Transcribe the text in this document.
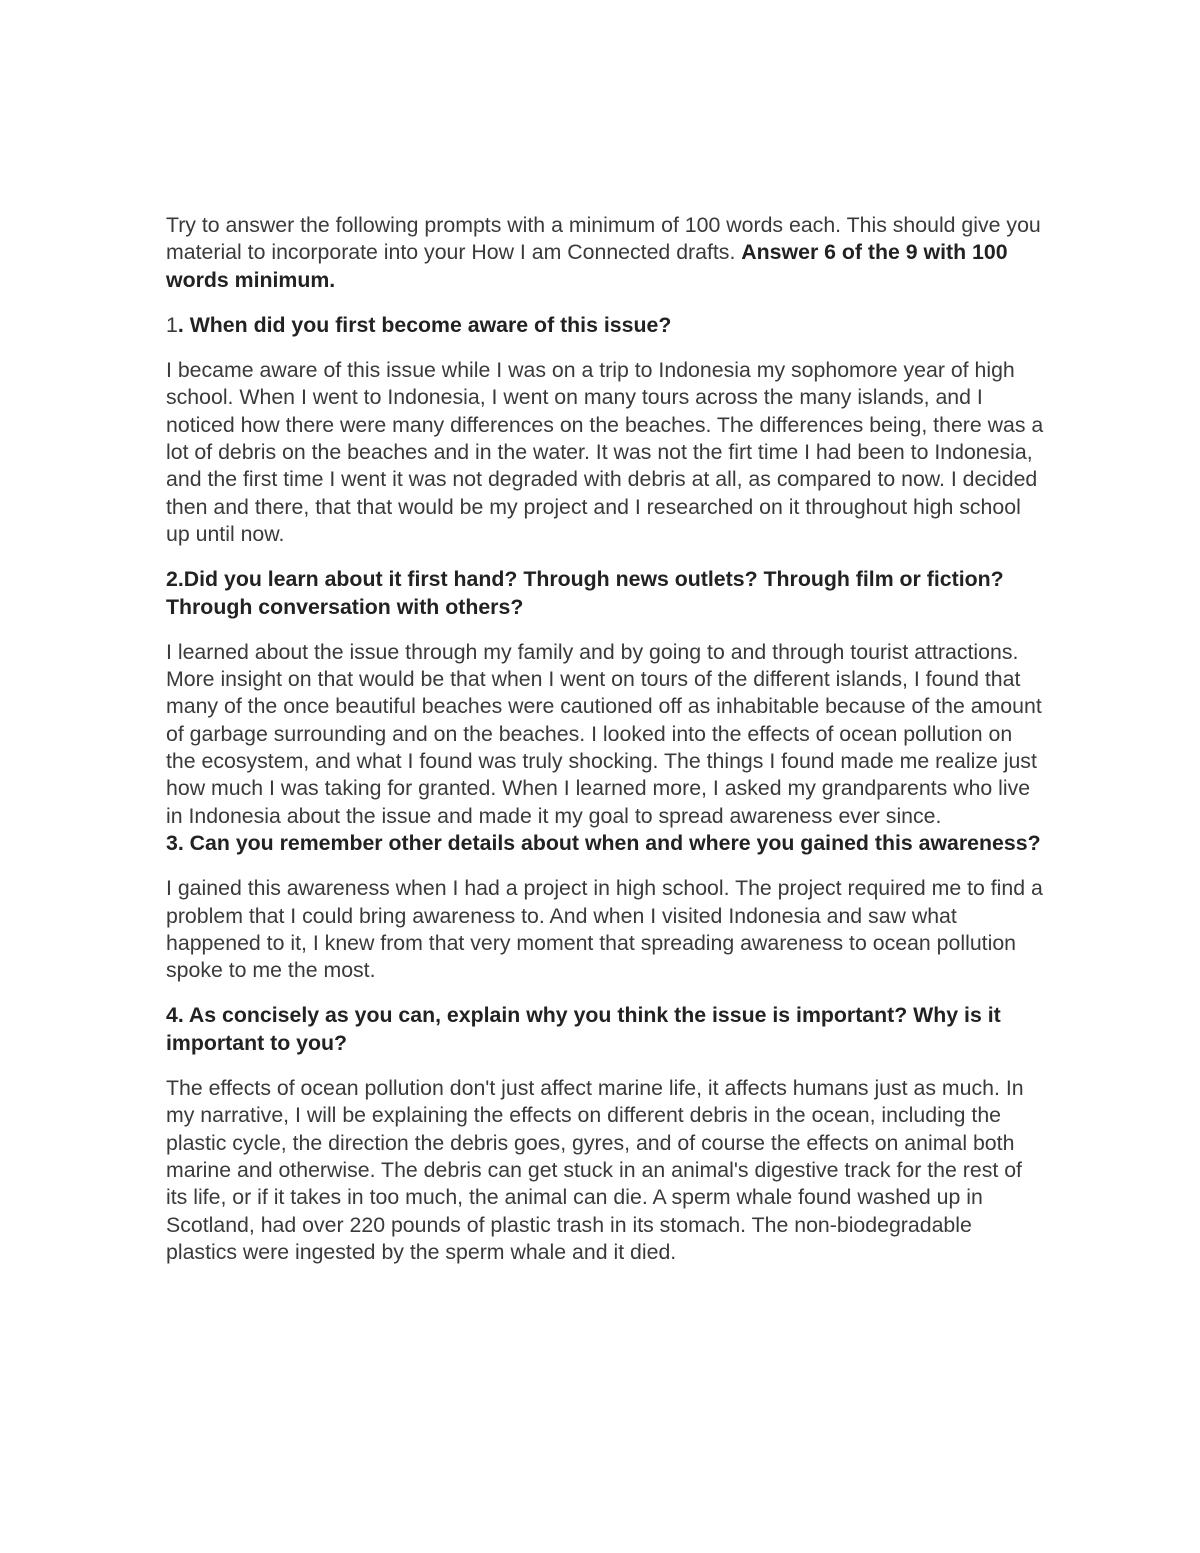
Try to answer the following prompts with a minimum of 100 words each. This should give you material to incorporate into your How I am Connected drafts. Answer 6 of the 9 with 100 words minimum.

1. When did you first become aware of this issue?

I became aware of this issue while I was on a trip to Indonesia my sophomore year of high school. When I went to Indonesia, I went on many tours across the many islands, and I noticed how there were many differences on the beaches. The differences being, there was a lot of debris on the beaches and in the water. It was not the firt time I had been to Indonesia, and the first time I went it was not degraded with debris at all, as compared to now. I decided then and there, that that would be my project and I researched on it throughout high school up until now.

2.Did you learn about it first hand? Through news outlets? Through film or fiction? Through conversation with others?

I learned about the issue through my family and by going to and through tourist attractions. More insight on that would be that when I went on tours of the different islands, I found that many of the once beautiful beaches were cautioned off as inhabitable because of the amount of garbage surrounding and on the beaches. I looked into the effects of ocean pollution on the ecosystem, and what I found was truly shocking. The things I found made me realize just how much I was taking for granted. When I learned more, I asked my grandparents who live in Indonesia about the issue and made it my goal to spread awareness ever since.

3. Can you remember other details about when and where you gained this awareness?

I gained this awareness when I had a project in high school. The project required me to find a problem that I could bring awareness to. And when I visited Indonesia and saw what happened to it, I knew from that very moment that spreading awareness to ocean pollution spoke to me the most.

4. As concisely as you can, explain why you think the issue is important? Why is it important to you?

The effects of ocean pollution don't just affect marine life, it affects humans just as much. In my narrative, I will be explaining the effects on different debris in the ocean, including the plastic cycle, the direction the debris goes, gyres, and of course the effects on animal both marine and otherwise. The debris can get stuck in an animal's digestive track for the rest of its life, or if it takes in too much, the animal can die. A sperm whale found washed up in Scotland, had over 220 pounds of plastic trash in its stomach. The non-biodegradable plastics were ingested by the sperm whale and it died.
